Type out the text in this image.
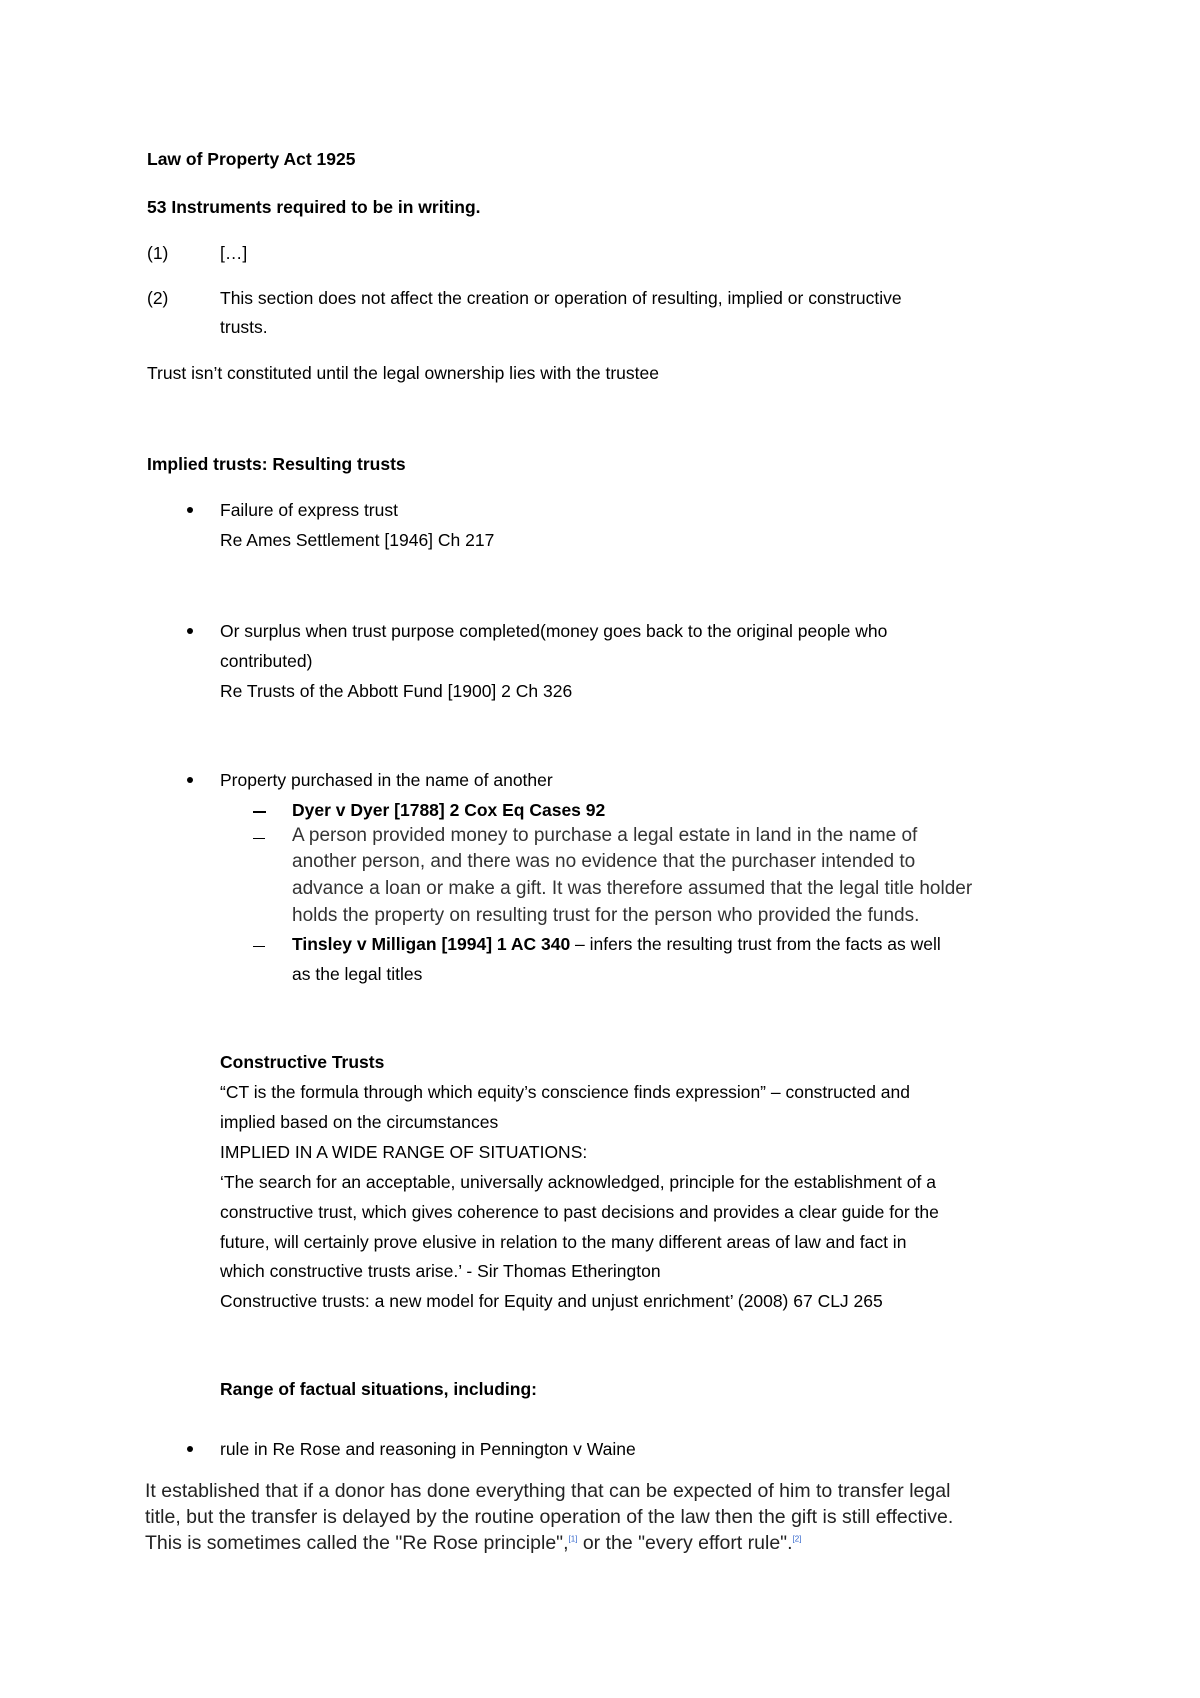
Law of Property Act 1925
53 Instruments required to be in writing.
(1)	[…]
(2)	This section does not affect the creation or operation of resulting, implied or constructive
trusts.
Trust isn’t constituted until the legal ownership lies with the trustee
Implied trusts: Resulting trusts
Failure of express trust
Re Ames Settlement [1946] Ch 217
Or surplus when trust purpose completed(money goes back to the original people who
contributed)
Re Trusts of the Abbott Fund [1900] 2 Ch 326
Property purchased in the name of another
Dyer v Dyer [1788] 2 Cox Eq Cases 92
A person provided money to purchase a legal estate in land in the name of
another person, and there was no evidence that the purchaser intended to
advance a loan or make a gift. It was therefore assumed that the legal title holder
holds the property on resulting trust for the person who provided the funds.
Tinsley v Milligan [1994] 1 AC 340 – infers the resulting trust from the facts as well
as the legal titles
Constructive Trusts
“CT is the formula through which equity’s conscience finds expression” – constructed and
implied based on the circumstances
IMPLIED IN A WIDE RANGE OF SITUATIONS:
‘The search for an acceptable, universally acknowledged, principle for the establishment of a
constructive trust, which gives coherence to past decisions and provides a clear guide for the
future, will certainly prove elusive in relation to the many different areas of law and fact in
which constructive trusts arise.’ - Sir Thomas Etherington
Constructive trusts: a new model for Equity and unjust enrichment’ (2008) 67 CLJ 265
Range of factual situations, including:
rule in Re Rose and reasoning in Pennington v Waine
It established that if a donor has done everything that can be expected of him to transfer legal
title, but the transfer is delayed by the routine operation of the law then the gift is still effective.
This is sometimes called the "Re Rose principle",[1] or the "every effort rule".[2]
